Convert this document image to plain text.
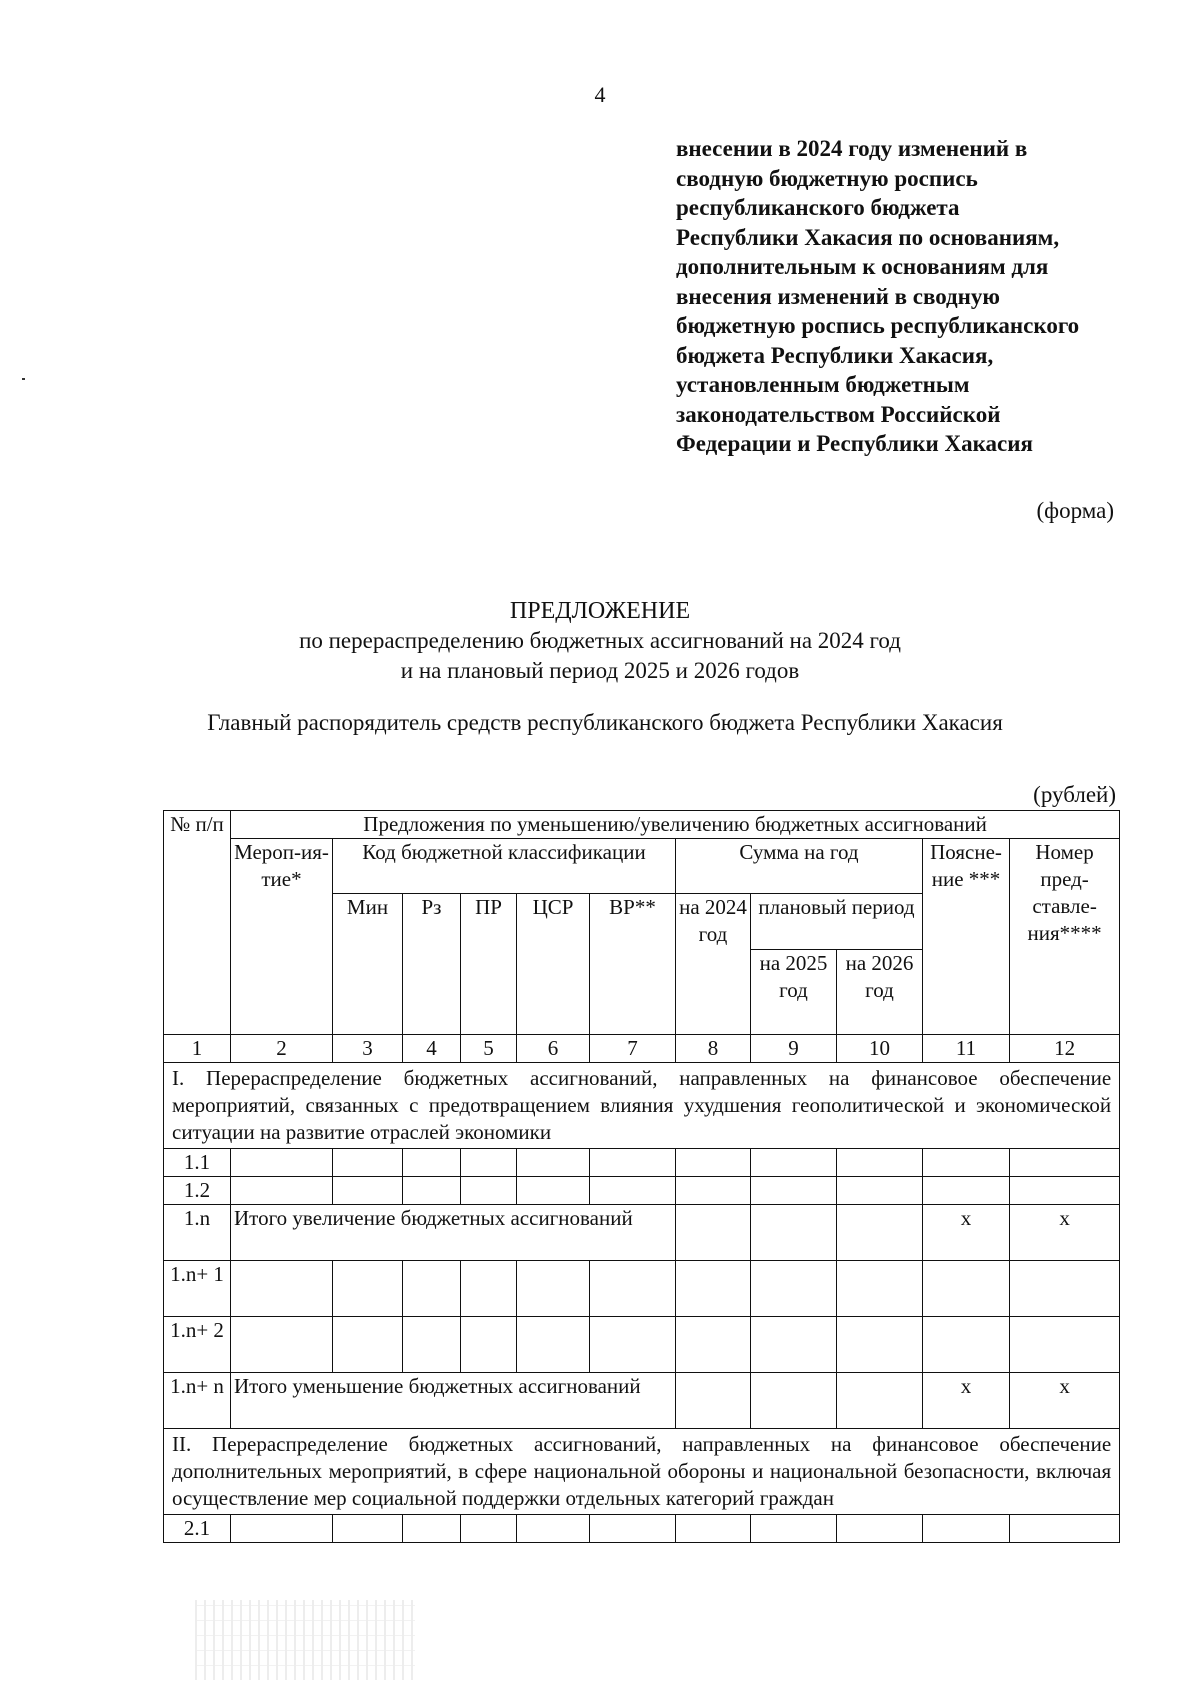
4
внесении в 2024 году изменений в
сводную бюджетную роспись
республиканского бюджета
Республики Хакасия по основаниям,
дополнительным к основаниям для
внесения изменений в сводную
бюджетную роспись республиканского
бюджета Республики Хакасия,
установленным бюджетным
законодательством Российской
Федерации и Республики Хакасия
(форма)
ПРЕДЛОЖЕНИЕ
по перераспределению бюджетных ассигнований на 2024 год
и на плановый период 2025 и 2026 годов
Главный распорядитель средств республиканского бюджета Республики Хакасия
(рублей)
№ п/п	Предложения по уменьшению/увеличению бюджетных ассигнований										
	Мероп-ия-тие*	Код бюджетной классификации					Сумма на год			Поясне-ние ***	Номер пред-ставле-ния****
		Мин	Рз	ПР	ЦСР	ВР**	на 2024 год	плановый период			
								на 2025 год	на 2026 год		
1	2	3	4	5	6	7	8	9	10	11	12
I. Перераспределение бюджетных ассигнований, направленных на финансовое обеспечение мероприятий, связанных с предотвращением влияния ухудшения геополитической и экономической ситуации на развитие отраслей экономики											
1.1											
1.2											
1.n	Итого увеличение бюджетных ассигнований									х	х
1.n+ 1											
1.n+ 2											
1.n+ n	Итого уменьшение бюджетных ассигнований									х	х
II. Перераспределение бюджетных ассигнований, направленных на финансовое обеспечение дополнительных мероприятий, в сфере национальной обороны и национальной безопасности, включая осуществление мер социальной поддержки отдельных категорий граждан											
2.1											
